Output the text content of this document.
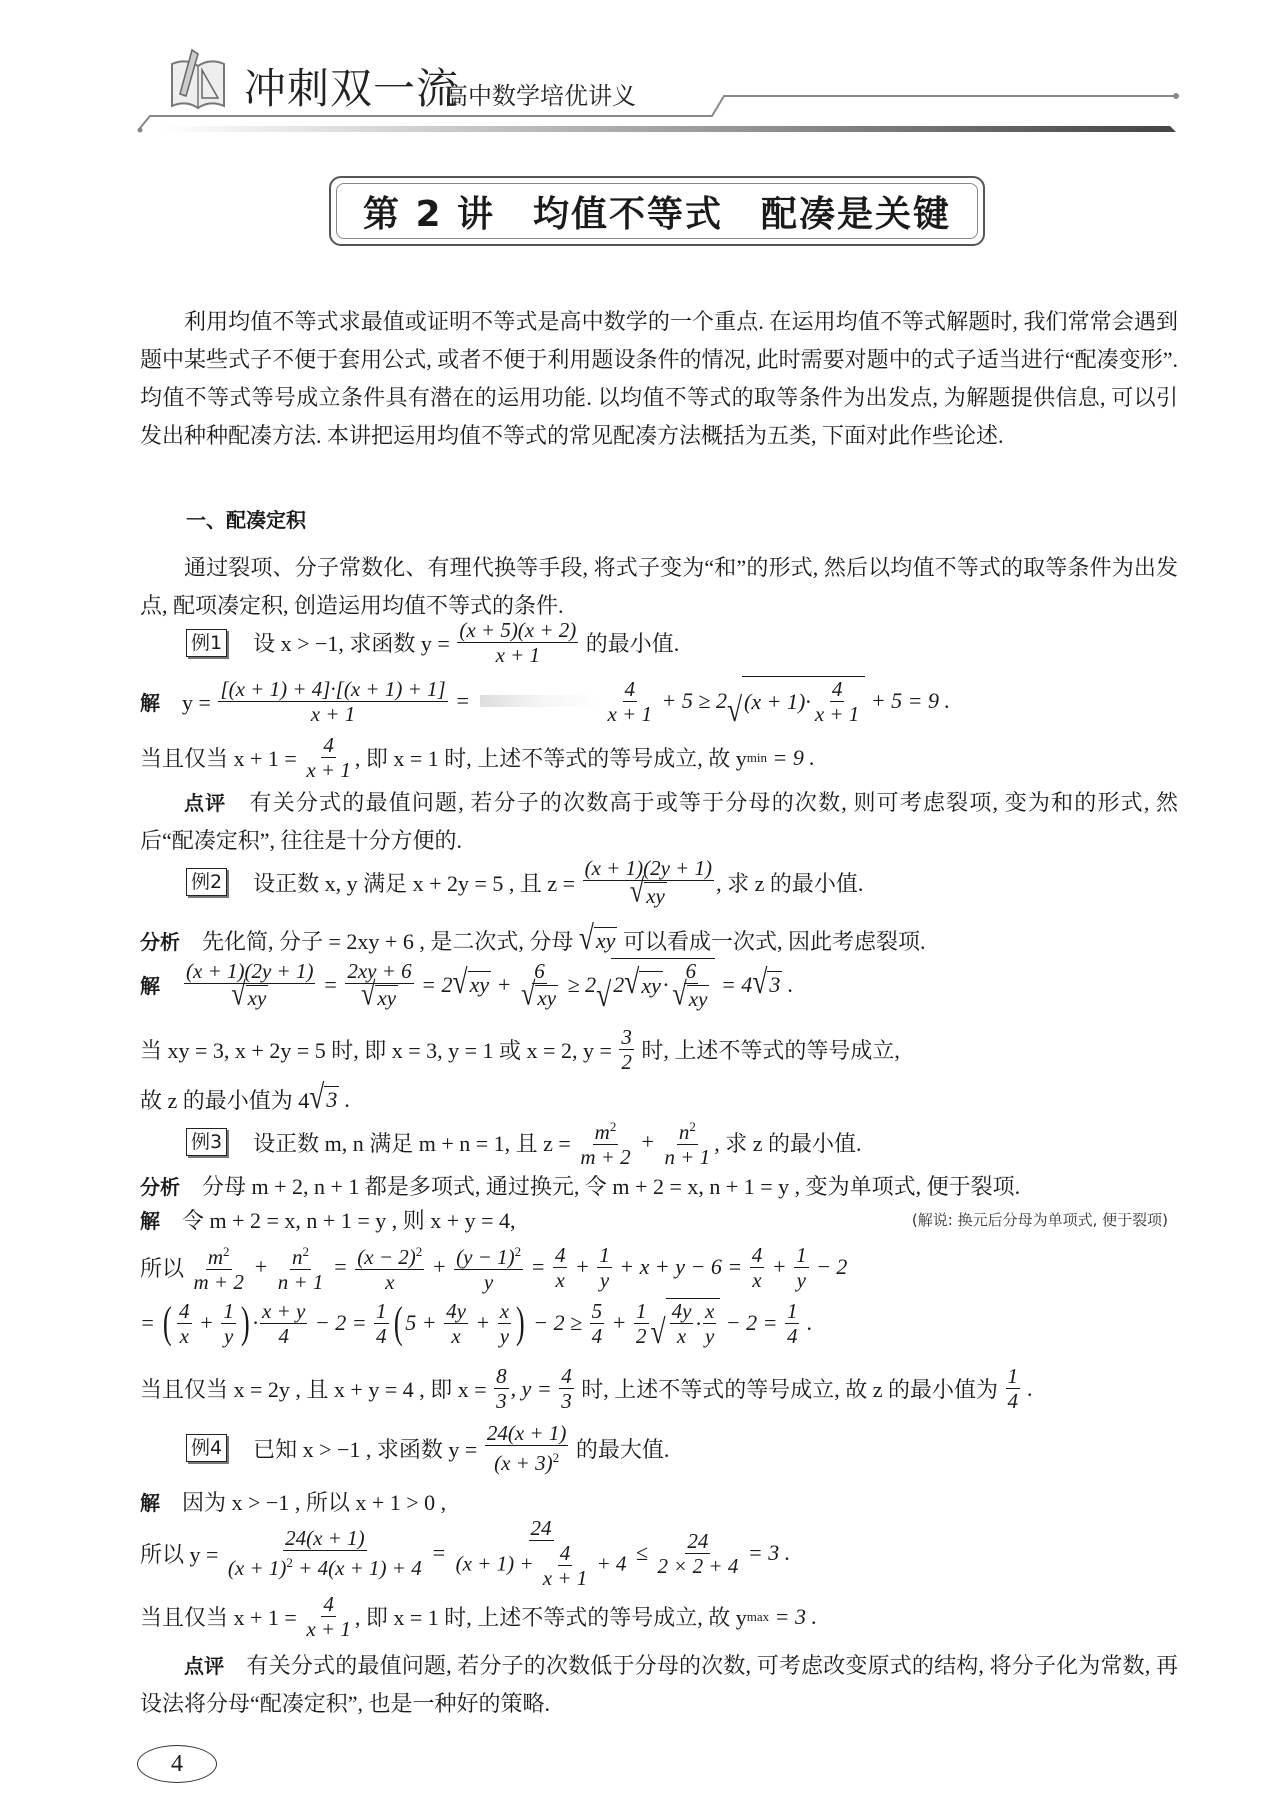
冲刺双一流
高中数学培优讲义
第 2 讲　均值不等式　配凑是关键
利用均值不等式求最值或证明不等式是高中数学的一个重点. 在运用均值不等式解题时, 我们常常会遇到题中某些式子不便于套用公式, 或者不便于利用题设条件的情况, 此时需要对题中的式子适当进行“配凑变形”. 均值不等式等号成立条件具有潜在的运用功能. 以均值不等式的取等条件为出发点, 为解题提供信息, 可以引发出种种配凑方法. 本讲把运用均值不等式的常见配凑方法概括为五类, 下面对此作些论述.
一、配凑定积
通过裂项、分子常数化、有理代换等手段, 将式子变为“和”的形式, 然后以均值不等式的取等条件为出发点, 配项凑定积, 创造运用均值不等式的条件.
例1 　设 x > −1, 求函数 $y = \frac{(x + 5)(x + 2)}{x + 1}$ 的最小值.
解 　$y = \frac{[(x + 1) + 4]\cdot[(x + 1) + 1]}{x + 1}$ =	$\frac{4}{x + 1} + 5 \ge 2$ √ $(x + 1)\cdot \frac{4}{x + 1} + 5 = 9$ .
当且仅当 $x + 1 = \frac{4}{x + 1}$ , 即 x = 1 时, 上述不等式的等号成立, 故 y min = 9 .
点评　有关分式的最值问题, 若分子的次数高于或等于分母的次数, 则可考虑裂项, 变为和的形式, 然后“配凑定积”, 往往是十分方便的.
例2 　设正数 x, y 满足 x + 2y = 5 , 且 $z = \frac{(x + 1)(2y + 1)}{√ xy}$ , 求 z 的最小值.
分析 　先化简, 分子 = 2xy + 6 , 是二次式, 分母 √ xy 可以看成一次式, 因此考虑裂项.
解
　 $\frac{(x + 1)(2y + 1)}{√ xy} = \frac{2xy + 6}{√ xy} = 2$ √ xy + $\frac{6}{√ xy} \ge 2$ √ 2 √ xy · $\frac{6}{√ xy} = 4$ √ 3 .
当 xy = 3, x + 2y = 5 时, 即 x = 3, y = 1 或 x = 2, $y = \frac{3}{2}$ 时, 上述不等式的等号成立,
故 z 的最小值为 4 √ 3 .
例3 　设正数 m, n 满足 m + n = 1, 且 $z = \frac{m^2}{m + 2} + \frac{n^2}{n + 1}$ , 求 z 的最小值.
分析 　分母 m + 2, n + 1 都是多项式, 通过换元, 令 m + 2 = x, n + 1 = y , 变为单项式, 便于裂项.
解 　令 m + 2 = x, n + 1 = y , 则 x + y = 4,	(解说: 换元后分母为单项式, 便于裂项)
所以 $\frac{m^2}{m + 2} + \frac{n^2}{n + 1} = \frac{(x - 2)^2}{x} + \frac{(y - 1)^2}{y} = \frac{4}{x} + \frac{1}{y} + x + y - 6 = \frac{4}{x} + \frac{1}{y} - 2$
= ( $\frac{4}{x} + \frac{1}{y}$ ) · $\frac{x + y}{4} - 2 = \frac{1}{4}$ ( $5 + \frac{4y}{x} + \frac{x}{y}$ ) − $2 \ge \frac{5}{4} + \frac{1}{2}$ √ $\frac{4y}{x} \cdot \frac{x}{y} - 2 = \frac{1}{4}$ .
当且仅当 x = 2y , 且 x + y = 4 , 即 $x = \frac{8}{3}$ , $y = \frac{4}{3}$ 时, 上述不等式的等号成立, 故 z 的最小值为 $\frac{1}{4}$ .
例4 　已知 x > −1 , 求函数 $y = \frac{24(x + 1)}{(x + 3)^2}$ 的最大值.
解 　因为 x > −1 , 所以 x + 1 > 0 ,
所以 $y = \frac{24(x + 1)}{(x + 1)^2 + 4(x + 1) + 4} = \frac{24}{(x + 1) + \frac{4}{x + 1} + 4} \le \frac{24}{2 \times 2 + 4} = 3$ .
当且仅当 $x + 1 = \frac{4}{x + 1}$ , 即 x = 1 时, 上述不等式的等号成立, 故 y max = 3 .
点评　有关分式的最值问题, 若分子的次数低于分母的次数, 可考虑改变原式的结构, 将分子化为常数, 再设法将分母“配凑定积”, 也是一种好的策略.
4
